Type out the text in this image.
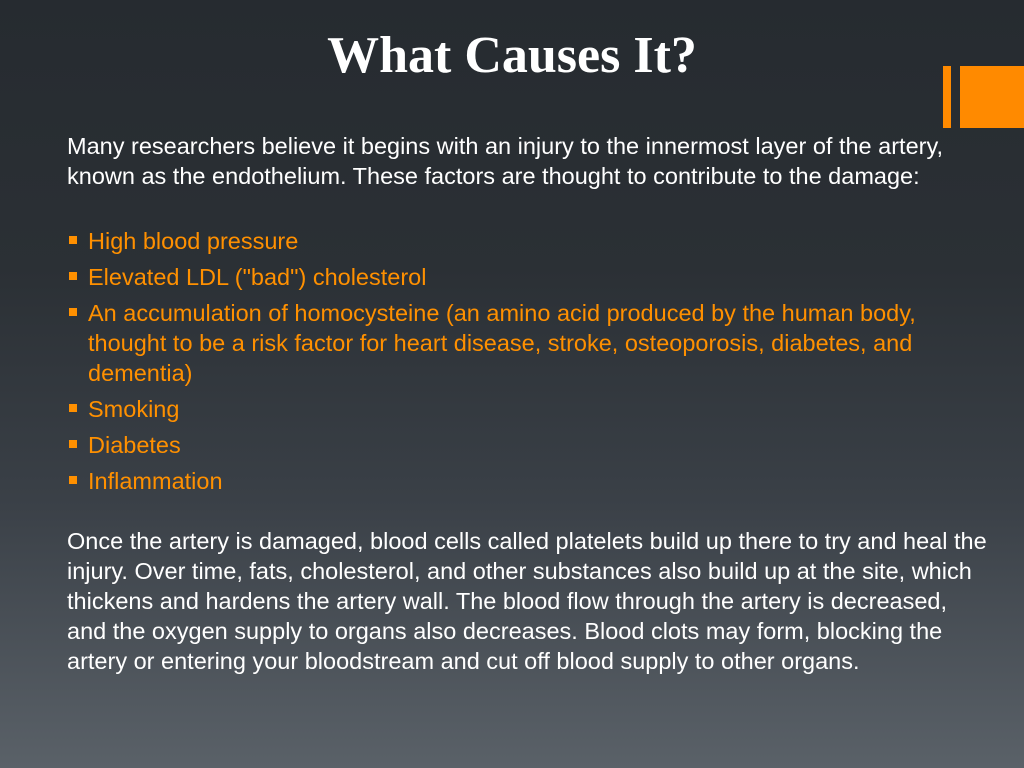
What Causes It?

Many researchers believe it begins with an injury to the innermost layer of the artery, known as the endothelium. These factors are thought to contribute to the damage:

High blood pressure
Elevated LDL ("bad") cholesterol
An accumulation of homocysteine (an amino acid produced by the human body, thought to be a risk factor for heart disease, stroke, osteoporosis, diabetes, and dementia)
Smoking
Diabetes
Inflammation

Once the artery is damaged, blood cells called platelets build up there to try and heal the injury. Over time, fats, cholesterol, and other substances also build up at the site, which thickens and hardens the artery wall. The blood flow through the artery is decreased, and the oxygen supply to organs also decreases. Blood clots may form, blocking the artery or entering your bloodstream and cut off blood supply to other organs.
